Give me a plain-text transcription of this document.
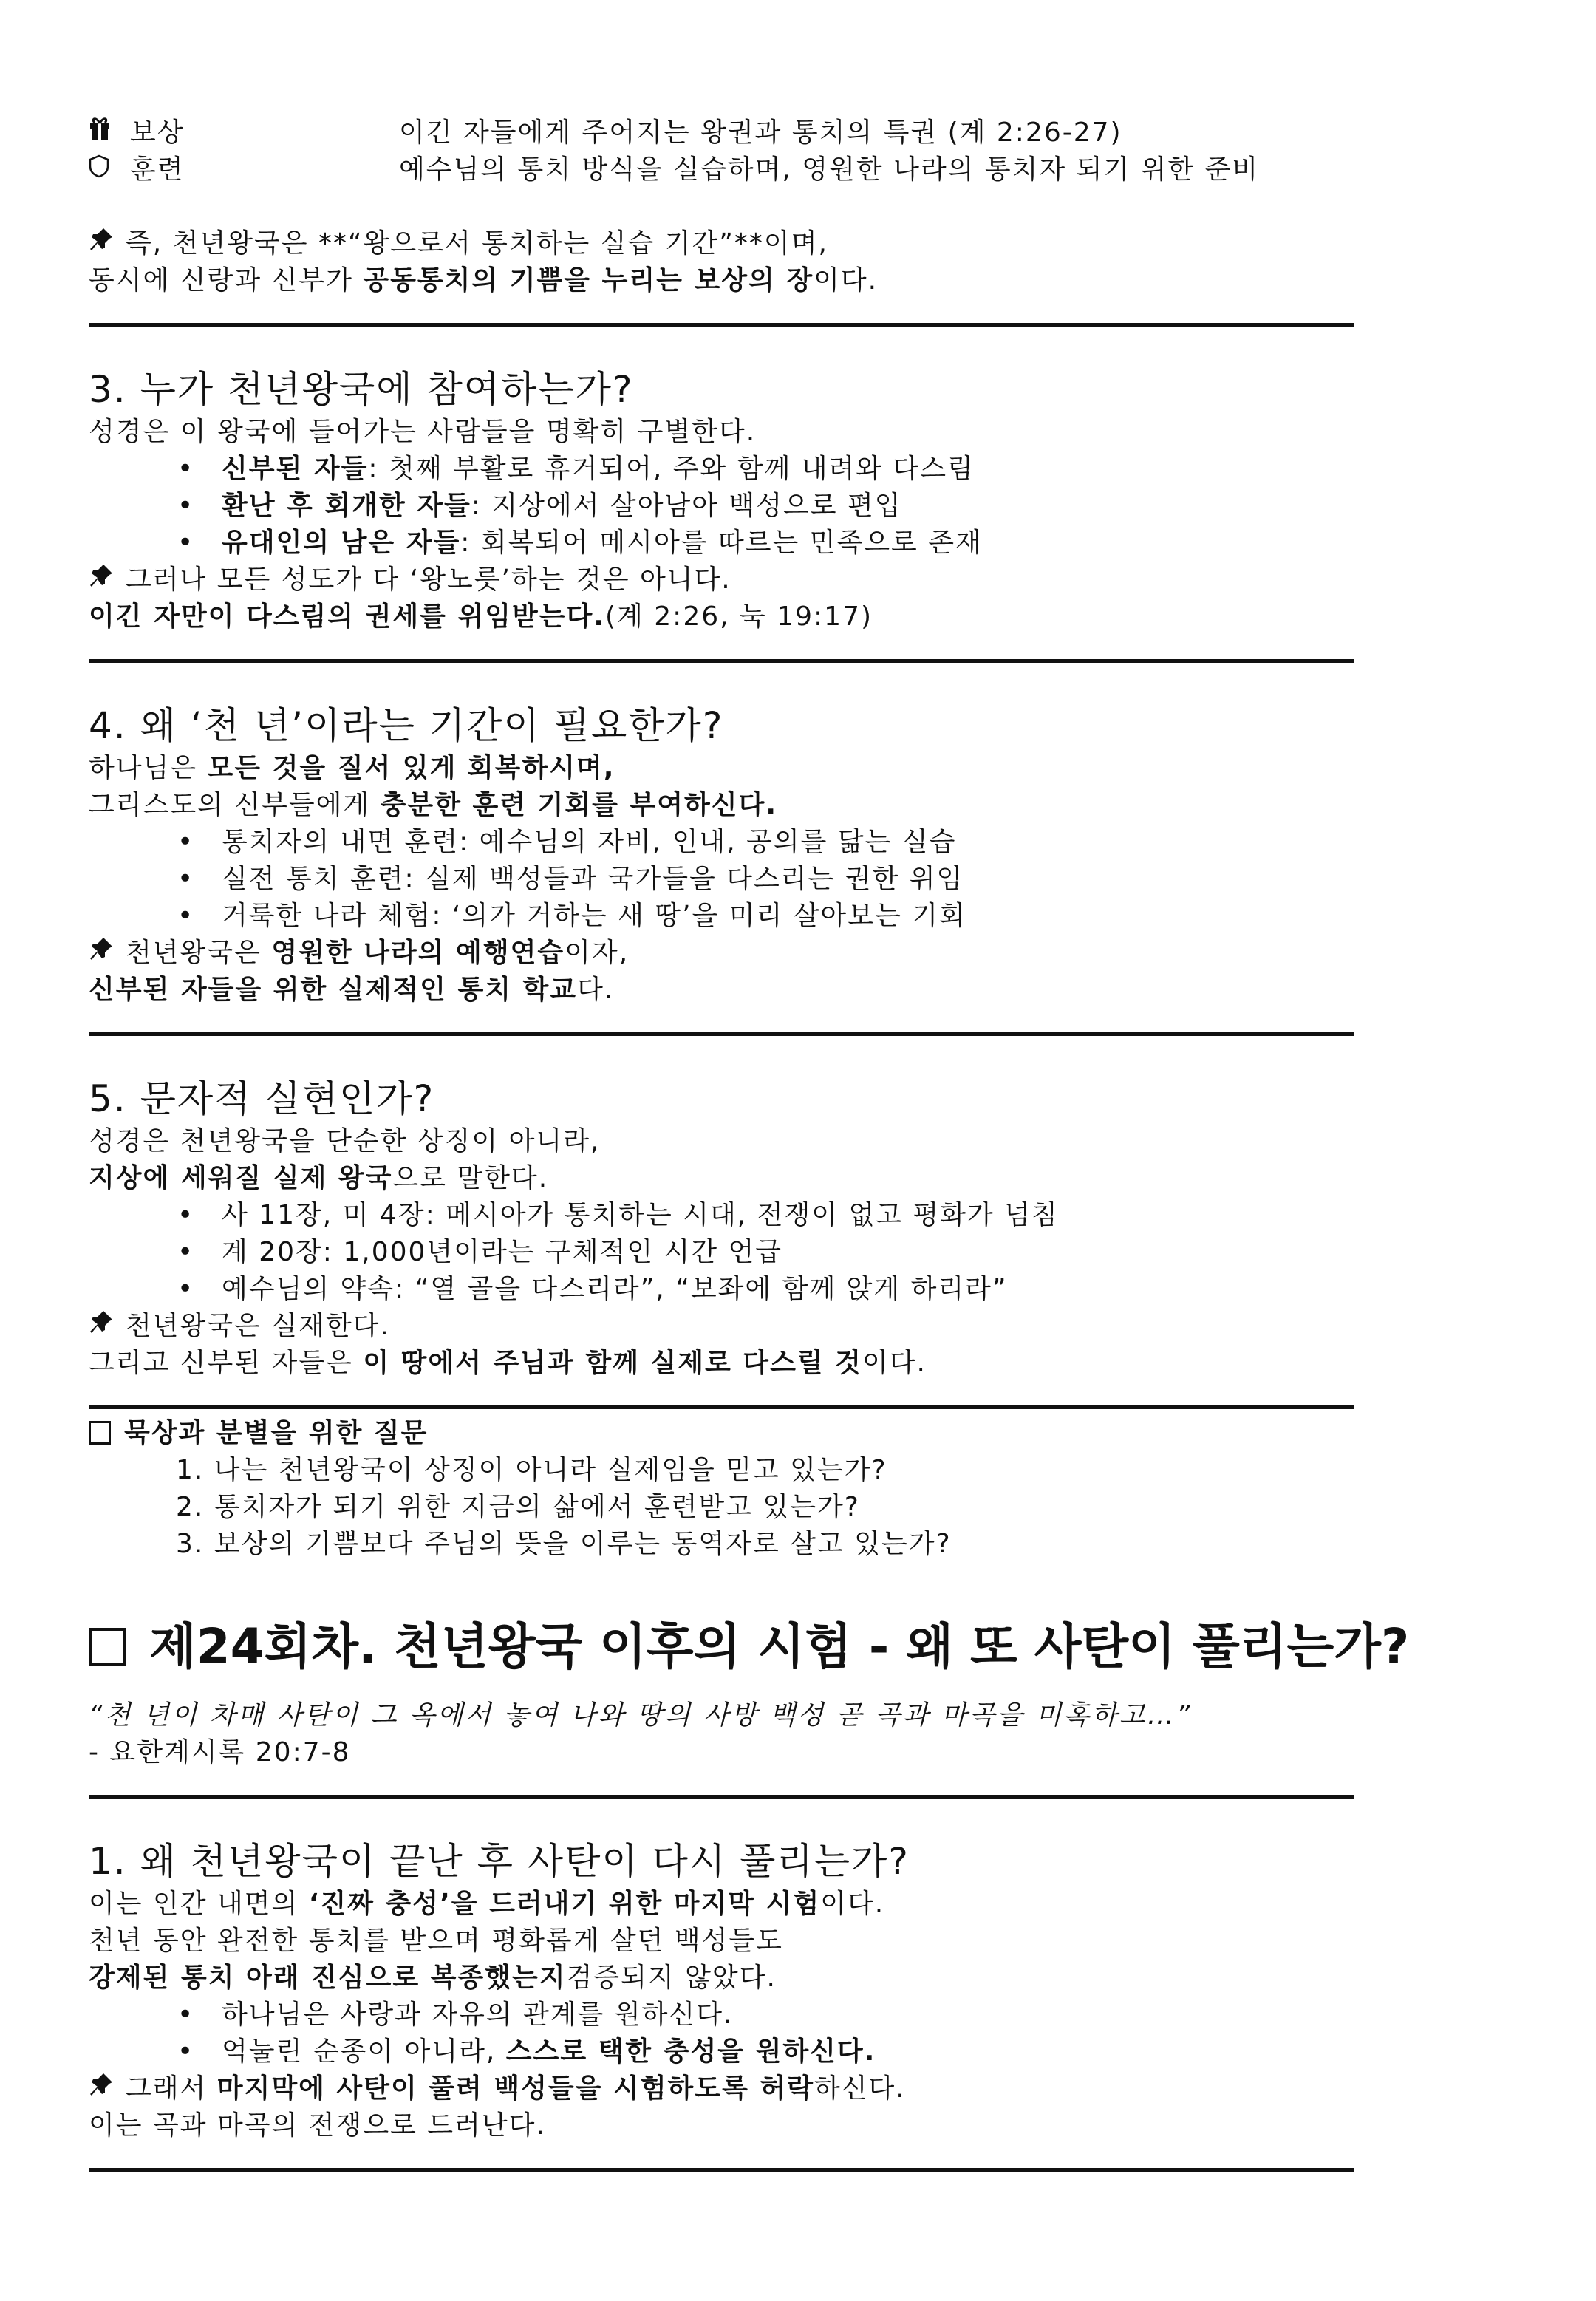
보상	이긴 자들에게 주어지는 왕권과 통치의 특권 (계 2:26-27)
훈련	예수님의 통치 방식을 실습하며, 영원한 나라의 통치자 되기 위한 준비
즉, 천년왕국은 **“왕으로서 통치하는 실습 기간”**이며,
동시에 신랑과 신부가 공동통치의 기쁨을 누리는 보상의 장이다.
3. 누가 천년왕국에 참여하는가?
성경은 이 왕국에 들어가는 사람들을 명확히 구별한다.
• 신부된 자들: 첫째 부활로 휴거되어, 주와 함께 내려와 다스림
• 환난 후 회개한 자들: 지상에서 살아남아 백성으로 편입
• 유대인의 남은 자들: 회복되어 메시아를 따르는 민족으로 존재
그러나 모든 성도가 다 ‘왕노릇’하는 것은 아니다.
이긴 자만이 다스림의 권세를 위임받는다.(계 2:26, 눅 19:17)
4. 왜 ‘천 년’이라는 기간이 필요한가?
하나님은 모든 것을 질서 있게 회복하시며,
그리스도의 신부들에게 충분한 훈련 기회를 부여하신다.
• 통치자의 내면 훈련: 예수님의 자비, 인내, 공의를 닮는 실습
• 실전 통치 훈련: 실제 백성들과 국가들을 다스리는 권한 위임
• 거룩한 나라 체험: ‘의가 거하는 새 땅’을 미리 살아보는 기회
천년왕국은 영원한 나라의 예행연습이자,
신부된 자들을 위한 실제적인 통치 학교다.
5. 문자적 실현인가?
성경은 천년왕국을 단순한 상징이 아니라,
지상에 세워질 실제 왕국으로 말한다.
• 사 11장, 미 4장: 메시아가 통치하는 시대, 전쟁이 없고 평화가 넘침
• 계 20장: 1,000년이라는 구체적인 시간 언급
• 예수님의 약속: “열 골을 다스리라”, “보좌에 함께 앉게 하리라”
천년왕국은 실재한다.
그리고 신부된 자들은 이 땅에서 주님과 함께 실제로 다스릴 것이다.
묵상과 분별을 위한 질문
1. 나는 천년왕국이 상징이 아니라 실제임을 믿고 있는가?
2. 통치자가 되기 위한 지금의 삶에서 훈련받고 있는가?
3. 보상의 기쁨보다 주님의 뜻을 이루는 동역자로 살고 있는가?
제24회차. 천년왕국 이후의 시험 - 왜 또 사탄이 풀리는가?
“천 년이 차매 사탄이 그 옥에서 놓여 나와 땅의 사방 백성 곧 곡과 마곡을 미혹하고…”
- 요한계시록 20:7-8
1. 왜 천년왕국이 끝난 후 사탄이 다시 풀리는가?
이는 인간 내면의 ‘진짜 충성’을 드러내기 위한 마지막 시험이다.
천년 동안 완전한 통치를 받으며 평화롭게 살던 백성들도
강제된 통치 아래 진심으로 복종했는지검증되지 않았다.
• 하나님은 사랑과 자유의 관계를 원하신다.
• 억눌린 순종이 아니라, 스스로 택한 충성을 원하신다.
그래서 마지막에 사탄이 풀려 백성들을 시험하도록 허락하신다.
이는 곡과 마곡의 전쟁으로 드러난다.
